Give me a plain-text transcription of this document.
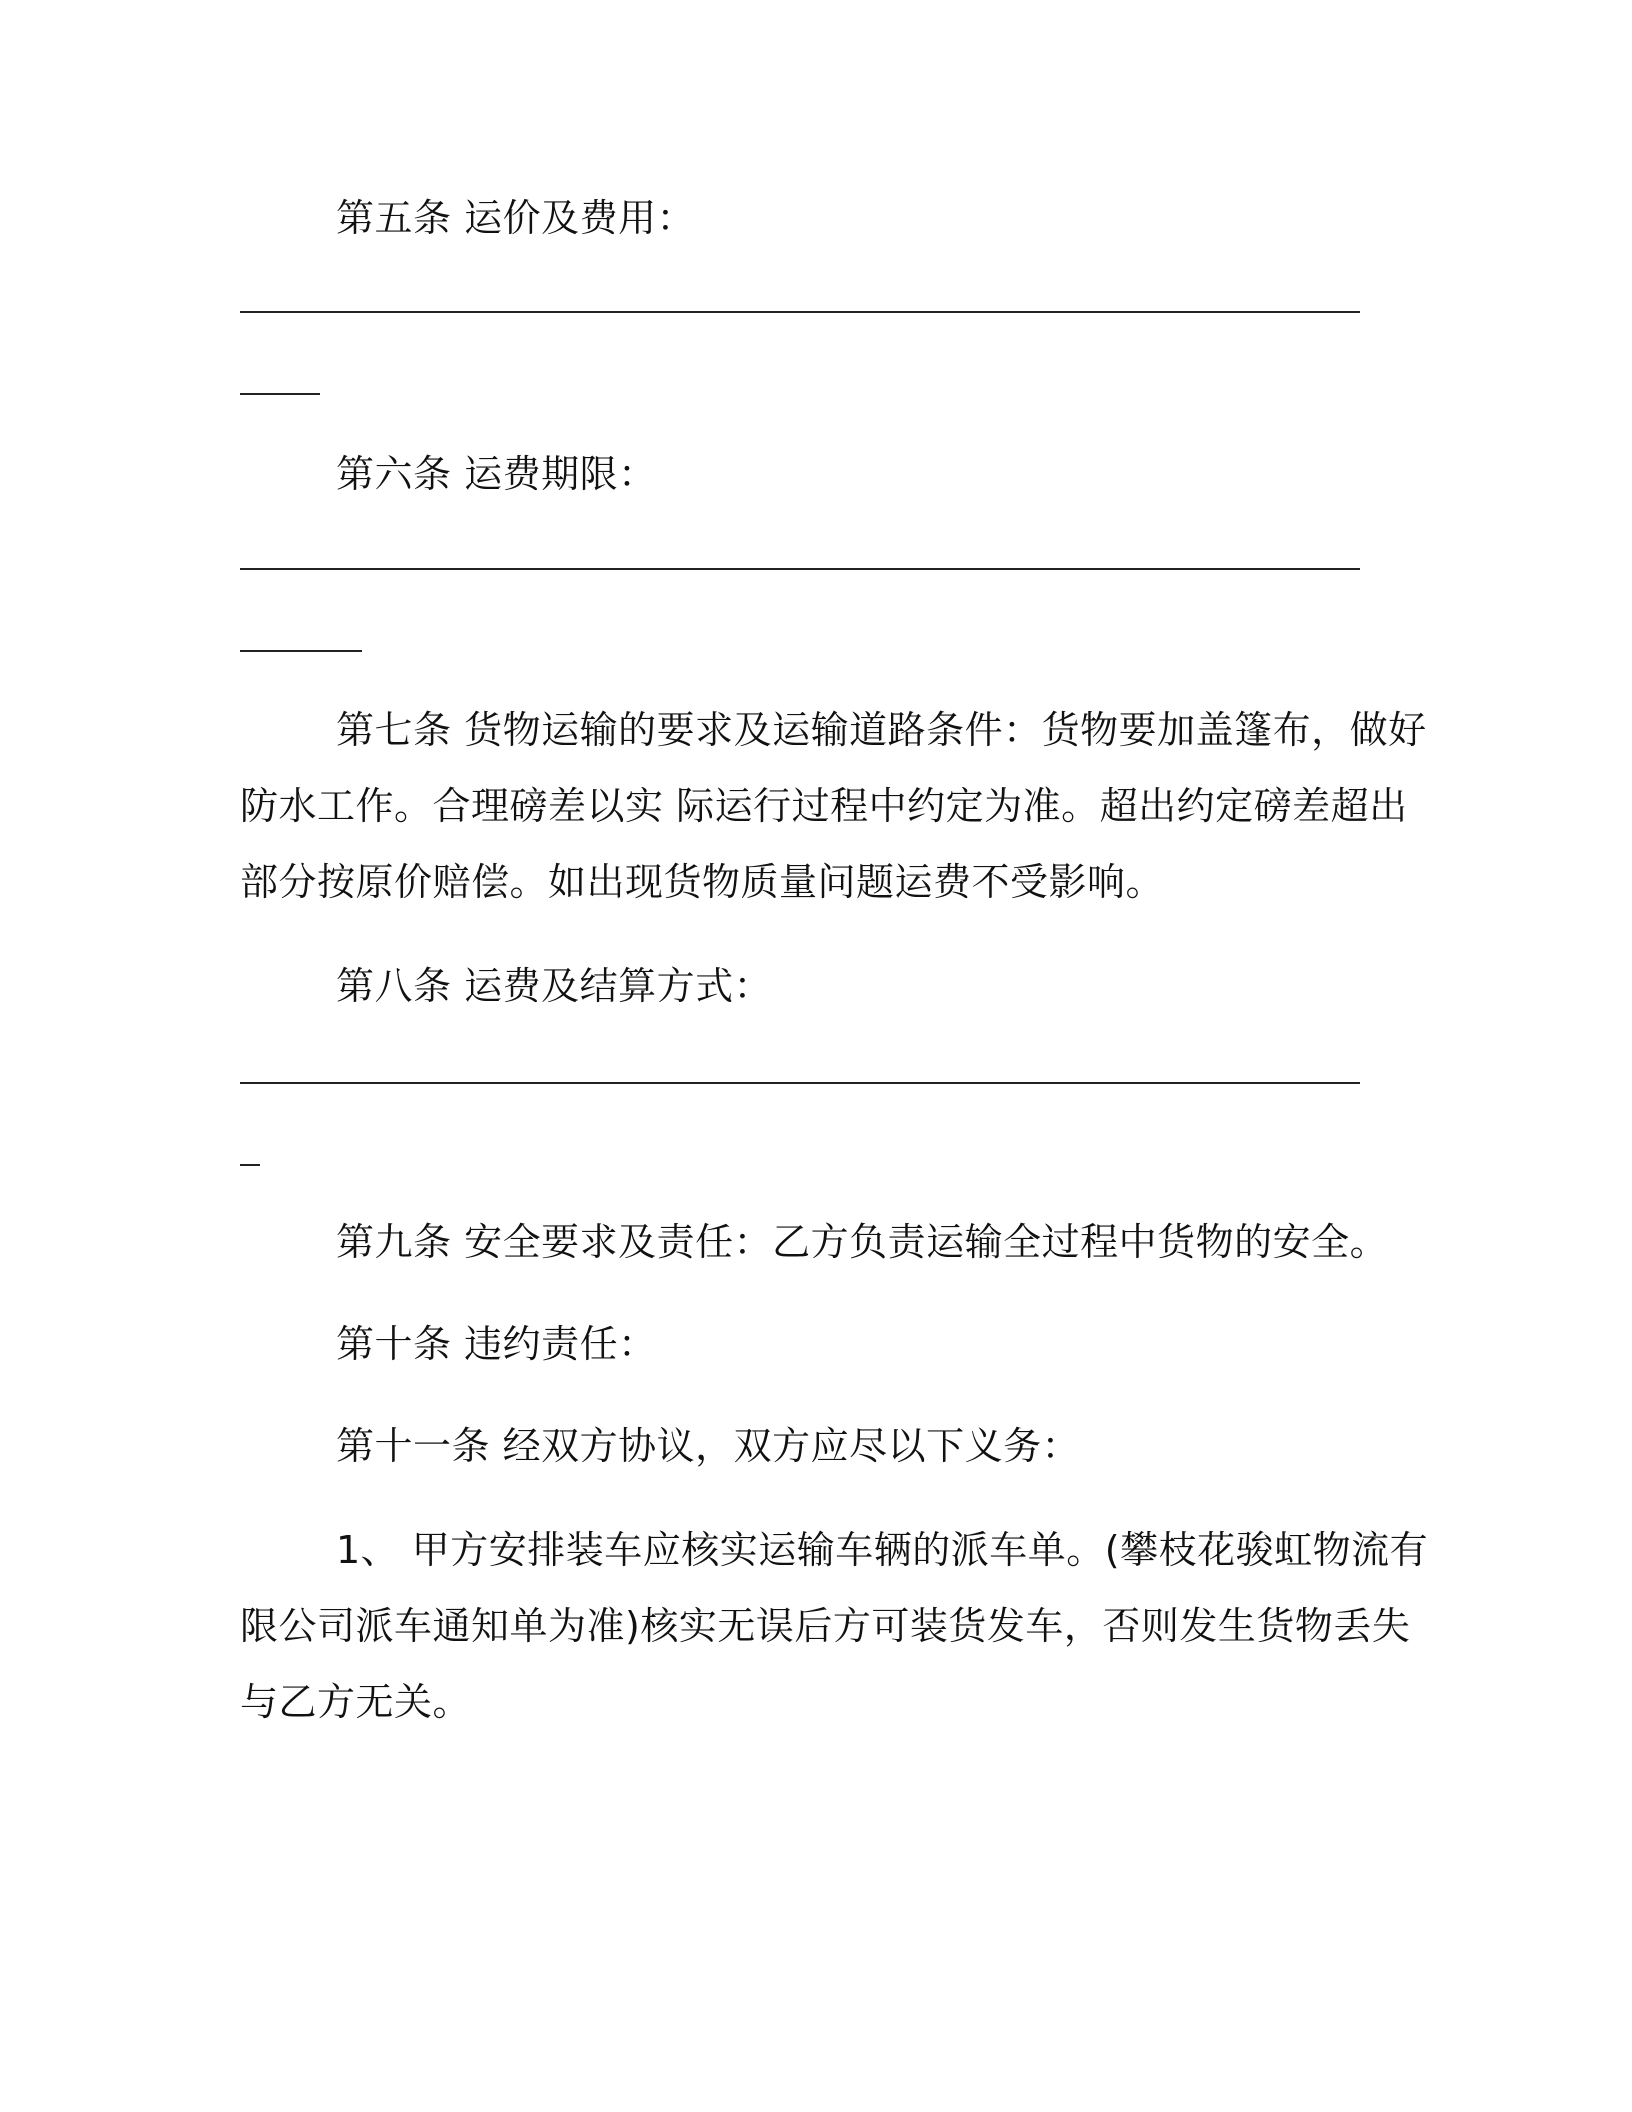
第五条 运价及费用：
第六条 运费期限：
第七条 货物运输的要求及运输道路条件：货物要加盖篷布，做好
防水工作。合理磅差以实 际运行过程中约定为准。超出约定磅差超出
部分按原价赔偿。如出现货物质量问题运费不受影响。
第八条 运费及结算方式：
第九条 安全要求及责任：乙方负责运输全过程中货物的安全。
第十条 违约责任：
第十一条 经双方协议，双方应尽以下义务：
1、 甲方安排装车应核实运输车辆的派车单。(攀枝花骏虹物流有
限公司派车通知单为准)核实无误后方可装货发车，否则发生货物丢失
与乙方无关。
